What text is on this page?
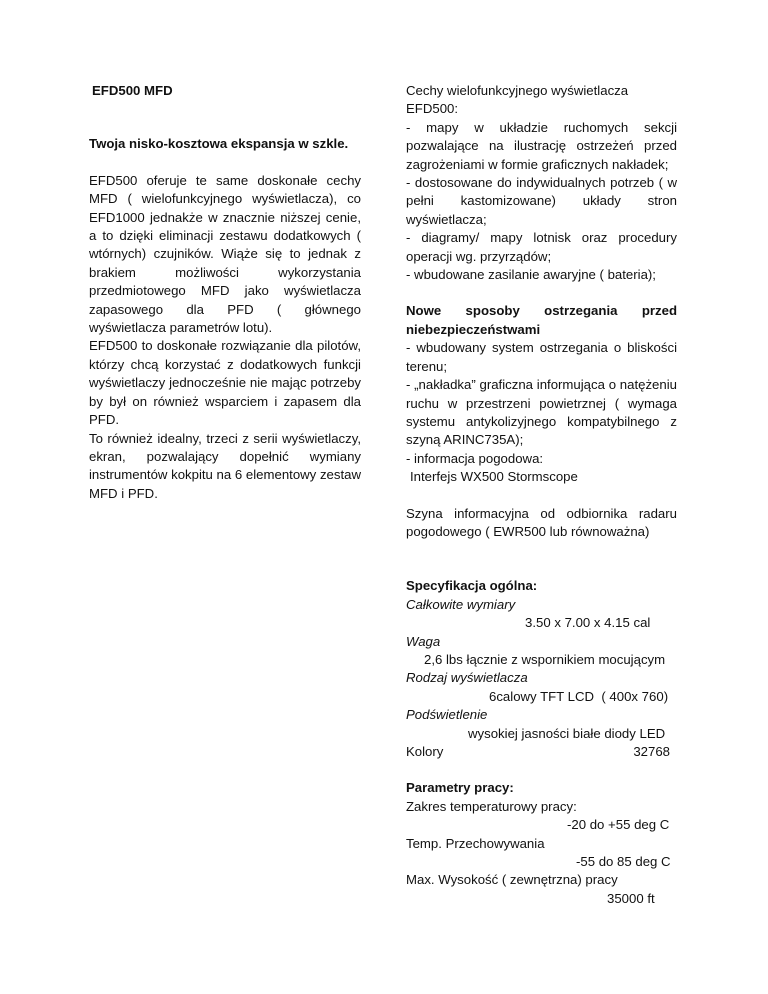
EFD500 MFD
Twoja nisko-kosztowa ekspansja w szkle.
EFD500 oferuje te same doskonałe cechy MFD ( wielofunkcyjnego wyświetlacza), co EFD1000 jednakże w znacznie niższej cenie, a to dzięki eliminacji zestawu dodatkowych ( wtórnych) czujników. Wiąże się to jednak z brakiem możliwości wykorzystania przedmiotowego MFD jako wyświetlacza zapasowego dla PFD ( głównego wyświetlacza parametrów lotu).
EFD500 to doskonałe rozwiązanie dla pilotów, którzy chcą korzystać z dodatkowych funkcji wyświetlaczy jednocześnie nie mając potrzeby by był on również wsparciem i zapasem dla PFD.
To również idealny, trzeci z serii wyświetlaczy, ekran, pozwalający dopełnić wymiany instrumentów kokpitu na 6 elementowy zestaw MFD i PFD.
Cechy wielofunkcyjnego wyświetlacza EFD500:
- mapy w układzie ruchomych sekcji pozwalające na ilustrację ostrzeżeń przed zagrożeniami w formie graficznych nakładek;
- dostosowane do indywidualnych potrzeb ( w pełni kastomizowane) układy stron wyświetlacza;
- diagramy/ mapy lotnisk oraz procedury operacji wg. przyrządów;
- wbudowane zasilanie awaryjne ( bateria);
Nowe sposoby ostrzegania przed niebezpieczeństwami
- wbudowany system ostrzegania o bliskości terenu;
- „nakładka” graficzna informująca o natężeniu ruchu w przestrzeni powietrznej ( wymaga systemu antykolizyjnego kompatybilnego z szyną ARINC735A);
- informacja pogodowa:
Interfejs WX500 Stormscope
Szyna informacyjna od odbiornika radaru pogodowego ( EWR500 lub równoważna)
Specyfikacja ogólna:
Całkowite wymiary
3.50 x 7.00 x 4.15 cal
Waga
2,6 lbs łącznie z wspornikiem mocującym
Rodzaj wyświetlacza
6calowy TFT LCD  ( 400x 760)
Podświetlenie
wysokiej jasności białe diody LED
Kolory	32768
Parametry pracy:
Zakres temperaturowy pracy:
-20 do +55 deg C
Temp. Przechowywania
-55 do 85 deg C
Max. Wysokość ( zewnętrzna) pracy
35000 ft
